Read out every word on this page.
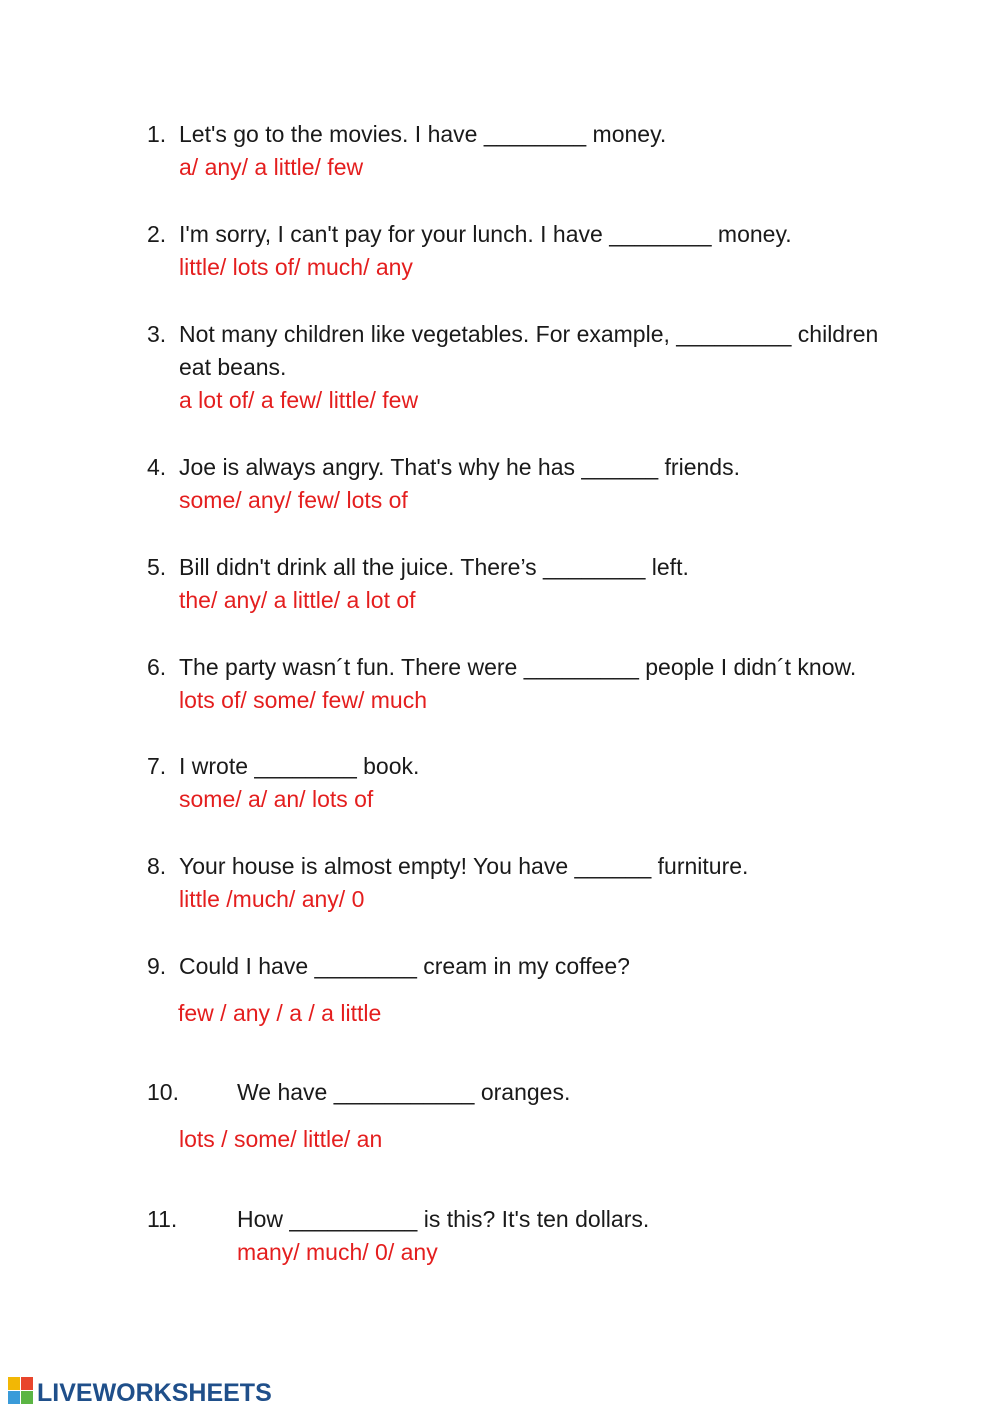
1. Let's go to the movies. I have ________ money.
a/ any/ a little/ few
2. I'm sorry, I can't pay for your lunch. I have ________ money.
little/ lots of/ much/ any
3. Not many children like vegetables. For example, _________ children
eat beans.
a lot of/ a few/ little/ few
4. Joe is always angry. That's why he has ______ friends.
some/ any/ few/ lots of
5. Bill didn't drink all the juice. There’s ________ left.
the/ any/ a little/ a lot of
6. The party wasn´t fun. There were _________ people I didn´t know.
lots of/ some/ few/ much
7. I wrote ________ book.
some/ a/ an/ lots of
8. Your house is almost empty! You have ______ furniture.
little /much/ any/ 0
9. Could I have ________ cream in my coffee?
few / any / a / a little
10.	We have ___________ oranges.
lots / some/ little/ an
11.	How __________ is this? It's ten dollars.
many/ much/ 0/ any
LIVEWORKSHEETS
